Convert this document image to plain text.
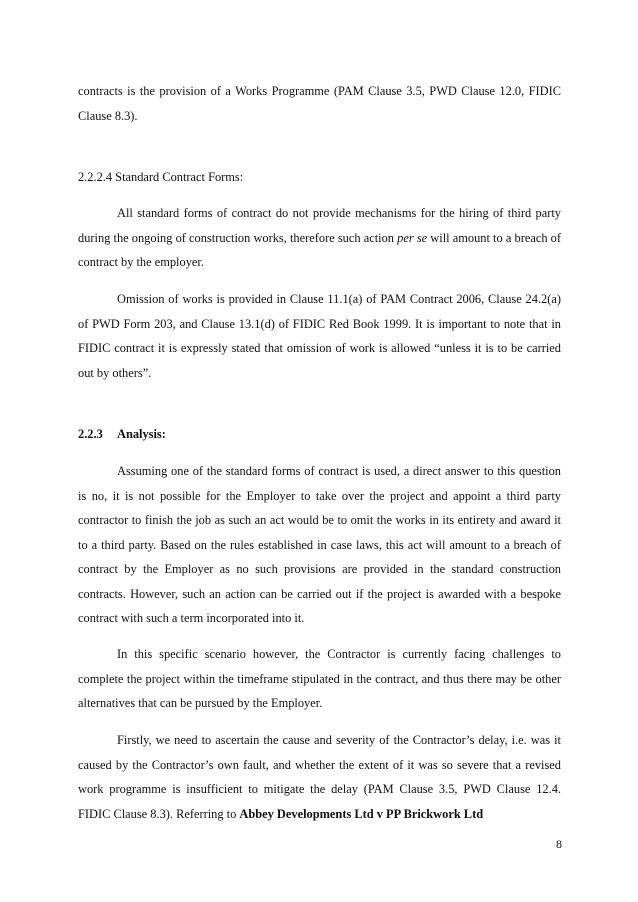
contracts is the provision of a Works Programme (PAM Clause 3.5, PWD Clause 12.0, FIDIC Clause 8.3).

2.2.2.4 Standard Contract Forms:

All standard forms of contract do not provide mechanisms for the hiring of third party during the ongoing of construction works, therefore such action per se will amount to a breach of contract by the employer.

Omission of works is provided in Clause 11.1(a) of PAM Contract 2006, Clause 24.2(a) of PWD Form 203, and Clause 13.1(d) of FIDIC Red Book 1999. It is important to note that in FIDIC contract it is expressly stated that omission of work is allowed “unless it is to be carried out by others”.

2.2.3 Analysis:

Assuming one of the standard forms of contract is used, a direct answer to this question is no, it is not possible for the Employer to take over the project and appoint a third party contractor to finish the job as such an act would be to omit the works in its entirety and award it to a third party. Based on the rules established in case laws, this act will amount to a breach of contract by the Employer as no such provisions are provided in the standard construction contracts. However, such an action can be carried out if the project is awarded with a bespoke contract with such a term incorporated into it.

In this specific scenario however, the Contractor is currently facing challenges to complete the project within the timeframe stipulated in the contract, and thus there may be other alternatives that can be pursued by the Employer.

Firstly, we need to ascertain the cause and severity of the Contractor’s delay, i.e. was it caused by the Contractor’s own fault, and whether the extent of it was so severe that a revised work programme is insufficient to mitigate the delay (PAM Clause 3.5, PWD Clause 12.4. FIDIC Clause 8.3). Referring to Abbey Developments Ltd v PP Brickwork Ltd

8
